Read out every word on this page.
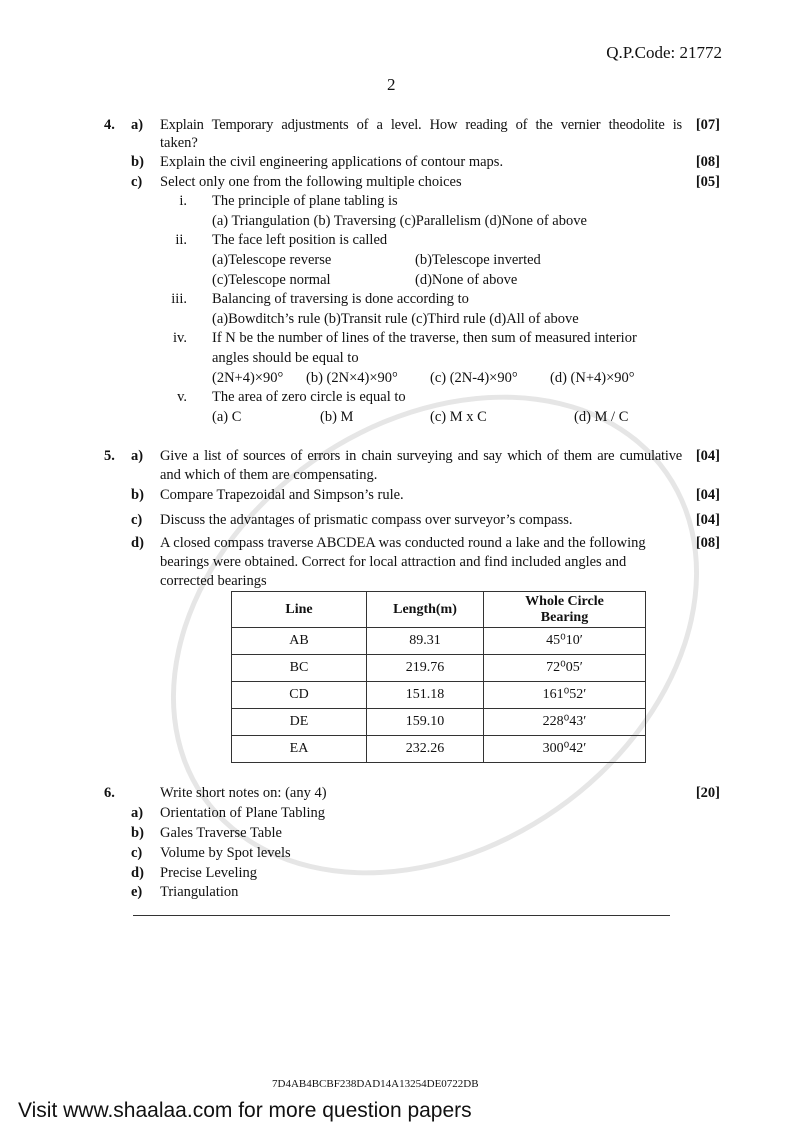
Q.P.Code: 21772
2
4. a) Explain Temporary adjustments of a level. How reading of the vernier theodolite is
taken?
[07]
b) Explain the civil engineering applications of contour maps.	[08]
c) Select only one from the following multiple choices	[05]
i. The principle of plane tabling is
(a) Triangulation (b) Traversing (c)Parallelism (d)None of above
ii. The face left position is called
(a)Telescope reverse	(b)Telescope inverted
(c)Telescope normal	(d)None of above
iii. Balancing of traversing is done according to
(a)Bowditch’s rule (b)Transit rule (c)Third rule (d)All of above
iv. If N be the number of lines of the traverse, then sum of measured interior
angles should be equal to
(2N+4)×90° (b) (2N×4)×90° (c) (2N-4)×90° (d) (N+4)×90°
v. The area of zero circle is equal to
(a) C	(b) M	(c) M x C	(d) M / C
5. a) Give a list of sources of errors in chain surveying and say which of them are cumulative
and which of them are compensating.
[04]
b) Compare Trapezoidal and Simpson’s rule.	[04]
c) Discuss the advantages of prismatic compass over surveyor’s compass.	[04]
d) A closed compass traverse ABCDEA was conducted round a lake and the following
bearings were obtained. Correct for local attraction and find included angles and
corrected bearings
[08]
Line	Length(m)	Whole Circle Bearing
AB	89.31	45⁰10′
BC	219.76	72⁰05′
CD	151.18	161⁰52′
DE	159.10	228⁰43′
EA	232.26	300⁰42′
6.	Write short notes on: (any 4)	[20]
a) Orientation of Plane Tabling
b) Gales Traverse Table
c) Volume by Spot levels
d) Precise Leveling
e) Triangulation
7D4AB4BCBF238DAD14A13254DE0722DB
Visit www.shaalaa.com for more question papers
